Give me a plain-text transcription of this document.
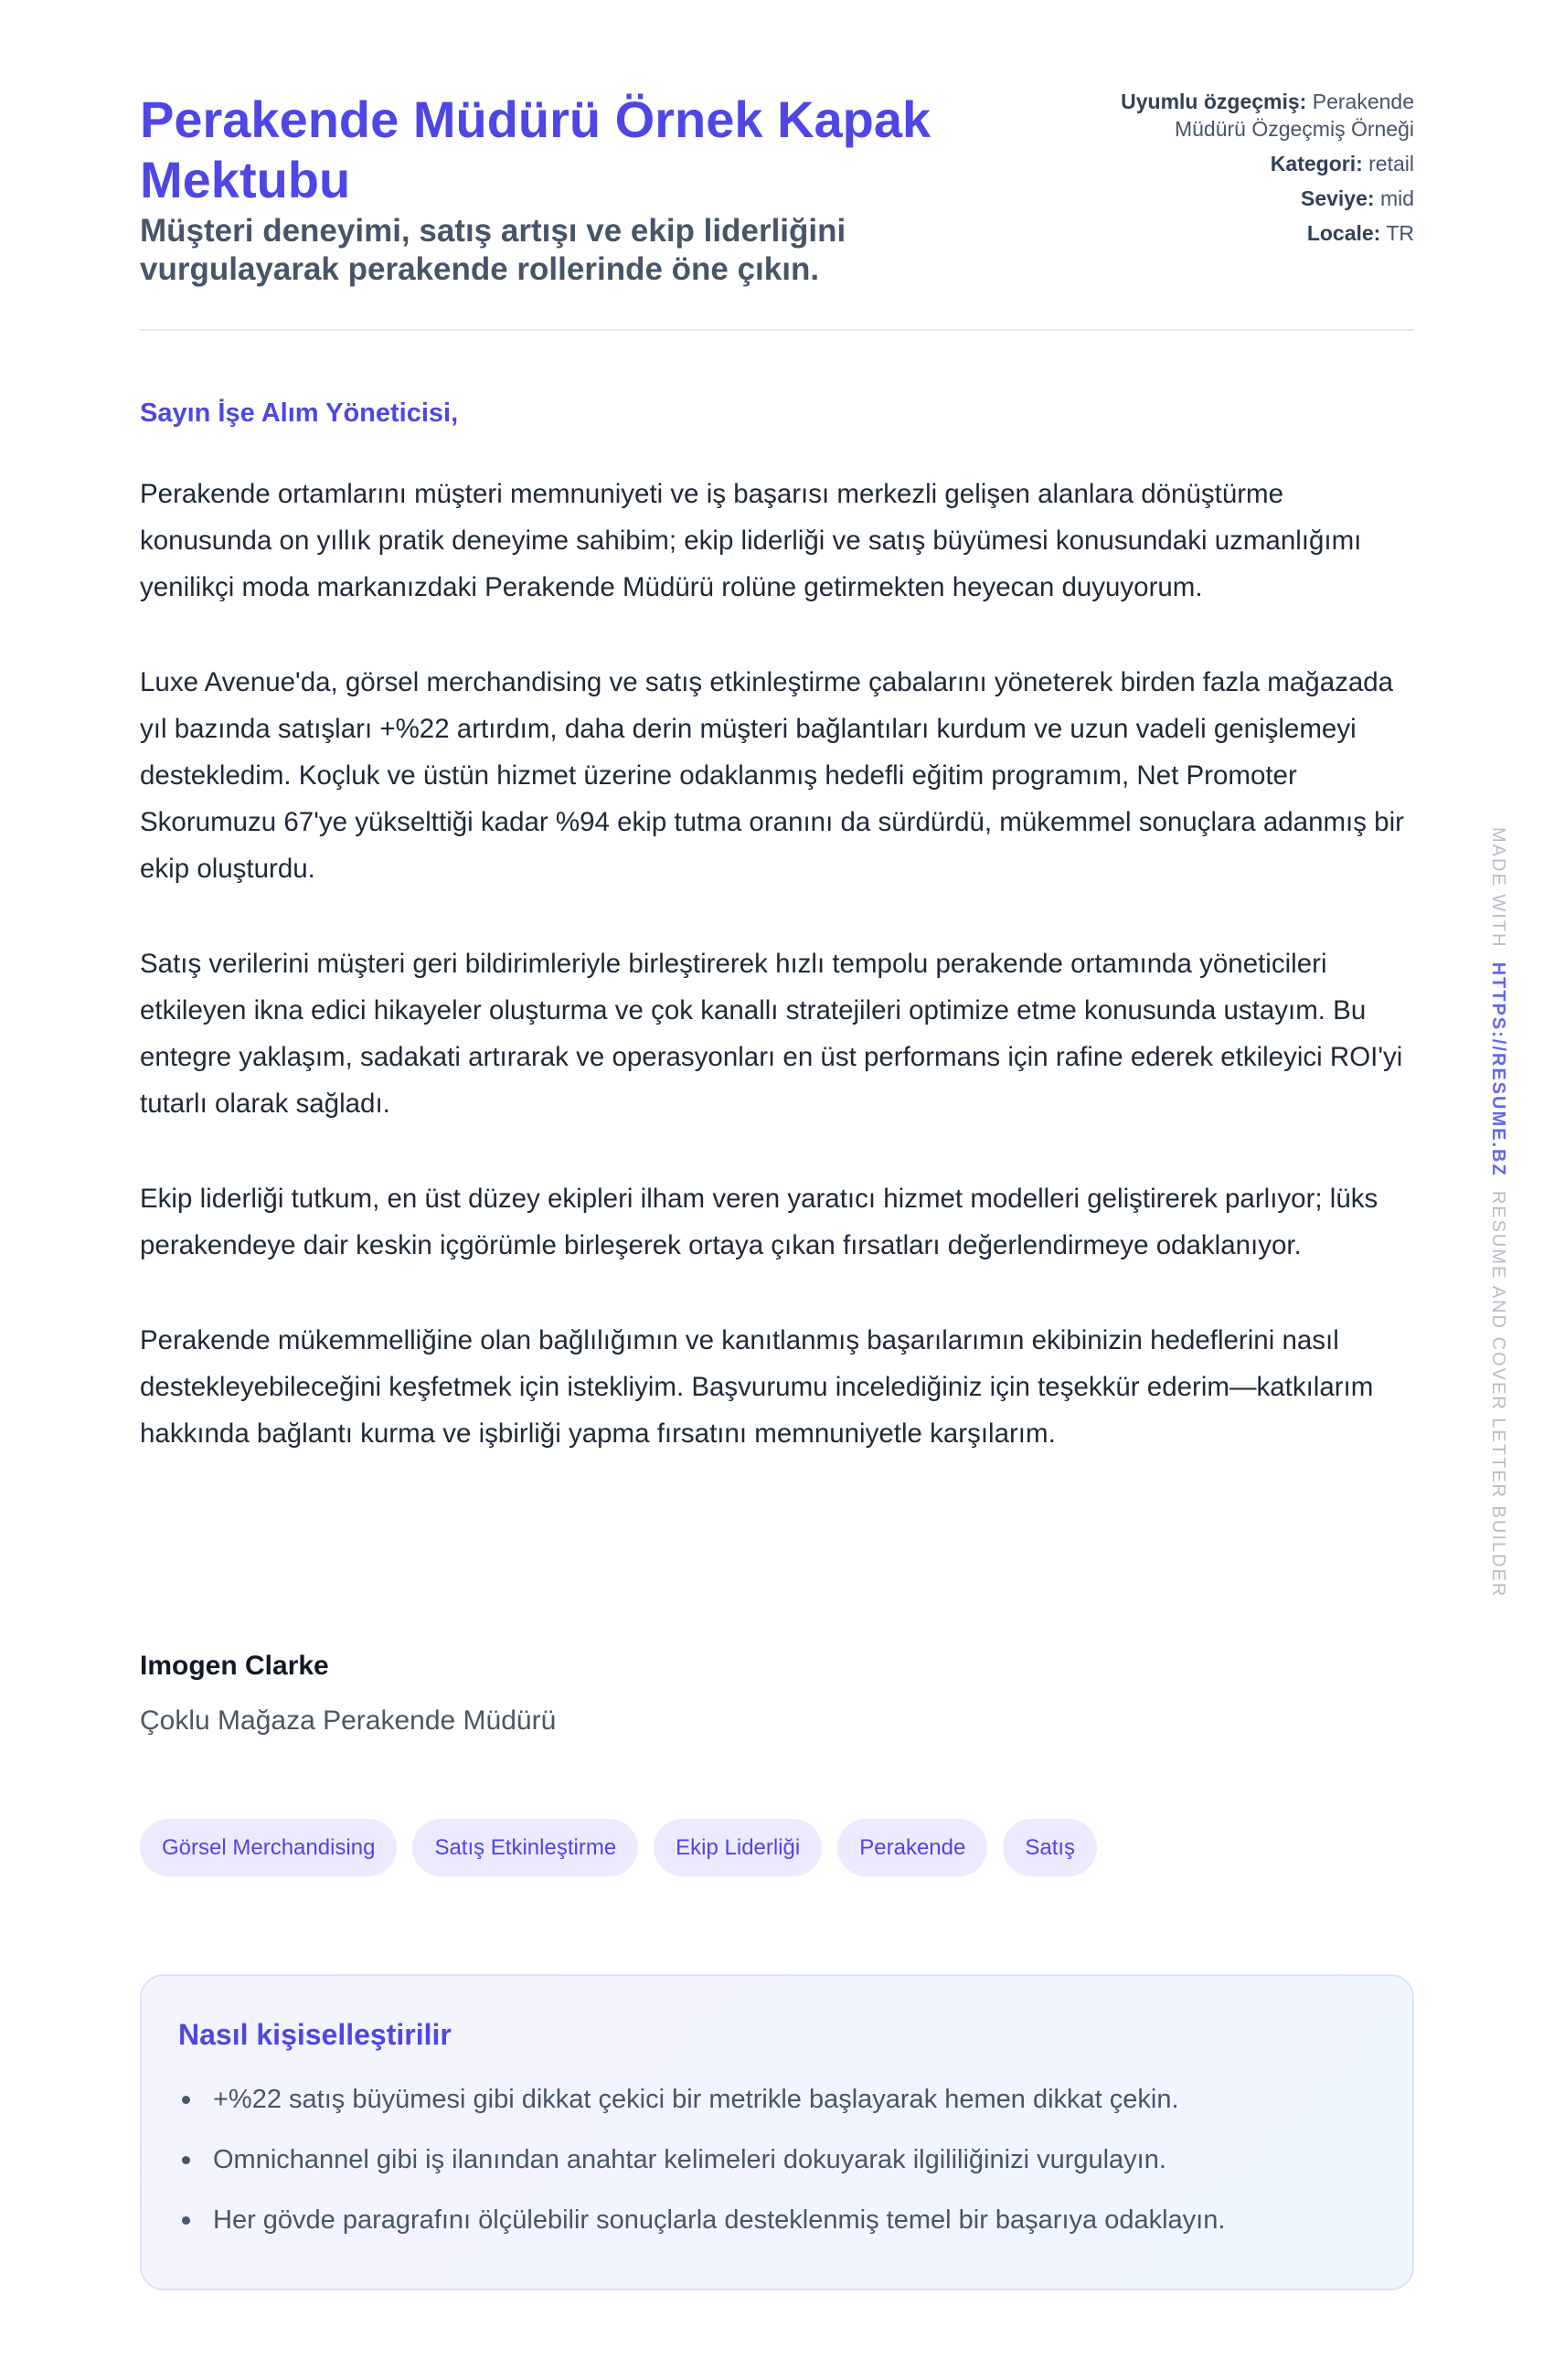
Perakende Müdürü Örnek Kapak Mektubu
Müşteri deneyimi, satış artışı ve ekip liderliğini vurgulayarak perakende rollerinde öne çıkın.
Uyumlu özgeçmiş: Perakende Müdürü Özgeçmiş Örneği
Kategori: retail
Seviye: mid
Locale: TR
Sayın İşe Alım Yöneticisi,

Perakende ortamlarını müşteri memnuniyeti ve iş başarısı merkezli gelişen alanlara dönüştürme konusunda on yıllık pratik deneyime sahibim; ekip liderliği ve satış büyümesi konusundaki uzmanlığımı yenilikçi moda markanızdaki Perakende Müdürü rolüne getirmekten heyecan duyuyorum.

Luxe Avenue'da, görsel merchandising ve satış etkinleştirme çabalarını yöneterek birden fazla mağazada yıl bazında satışları +%22 artırdım, daha derin müşteri bağlantıları kurdum ve uzun vadeli genişlemeyi destekledim. Koçluk ve üstün hizmet üzerine odaklanmış hedefli eğitim programım, Net Promoter Skorumuzu 67'ye yükselttiği kadar %94 ekip tutma oranını da sürdürdü, mükemmel sonuçlara adanmış bir ekip oluşturdu.

Satış verilerini müşteri geri bildirimleriyle birleştirerek hızlı tempolu perakende ortamında yöneticileri etkileyen ikna edici hikayeler oluşturma ve çok kanallı stratejileri optimize etme konusunda ustayım. Bu entegre yaklaşım, sadakati artırarak ve operasyonları en üst performans için rafine ederek etkileyici ROI'yi tutarlı olarak sağladı.

Ekip liderliği tutkum, en üst düzey ekipleri ilham veren yaratıcı hizmet modelleri geliştirerek parlıyor; lüks perakendeye dair keskin içgörümle birleşerek ortaya çıkan fırsatları değerlendirmeye odaklanıyor.

Perakende mükemmelliğine olan bağlılığımın ve kanıtlanmış başarılarımın ekibinizin hedeflerini nasıl destekleyebileceğini keşfetmek için istekliyim. Başvurumu incelediğiniz için teşekkür ederim—katkılarım hakkında bağlantı kurma ve işbirliği yapma fırsatını memnuniyetle karşılarım.

Imogen Clarke
Çoklu Mağaza Perakende Müdürü
Görsel Merchandising	Satış Etkinleştirme	Ekip Liderliği	Perakende	Satış
Nasıl kişiselleştirilir
+%22 satış büyümesi gibi dikkat çekici bir metrikle başlayarak hemen dikkat çekin.
Omnichannel gibi iş ilanından anahtar kelimeleri dokuyarak ilgililiğinizi vurgulayın.
Her gövde paragrafını ölçülebilir sonuçlarla desteklenmiş temel bir başarıya odaklayın.
MADE WITH  HTTPS://RESUME.BZ  RESUME AND COVER LETTER BUILDER
